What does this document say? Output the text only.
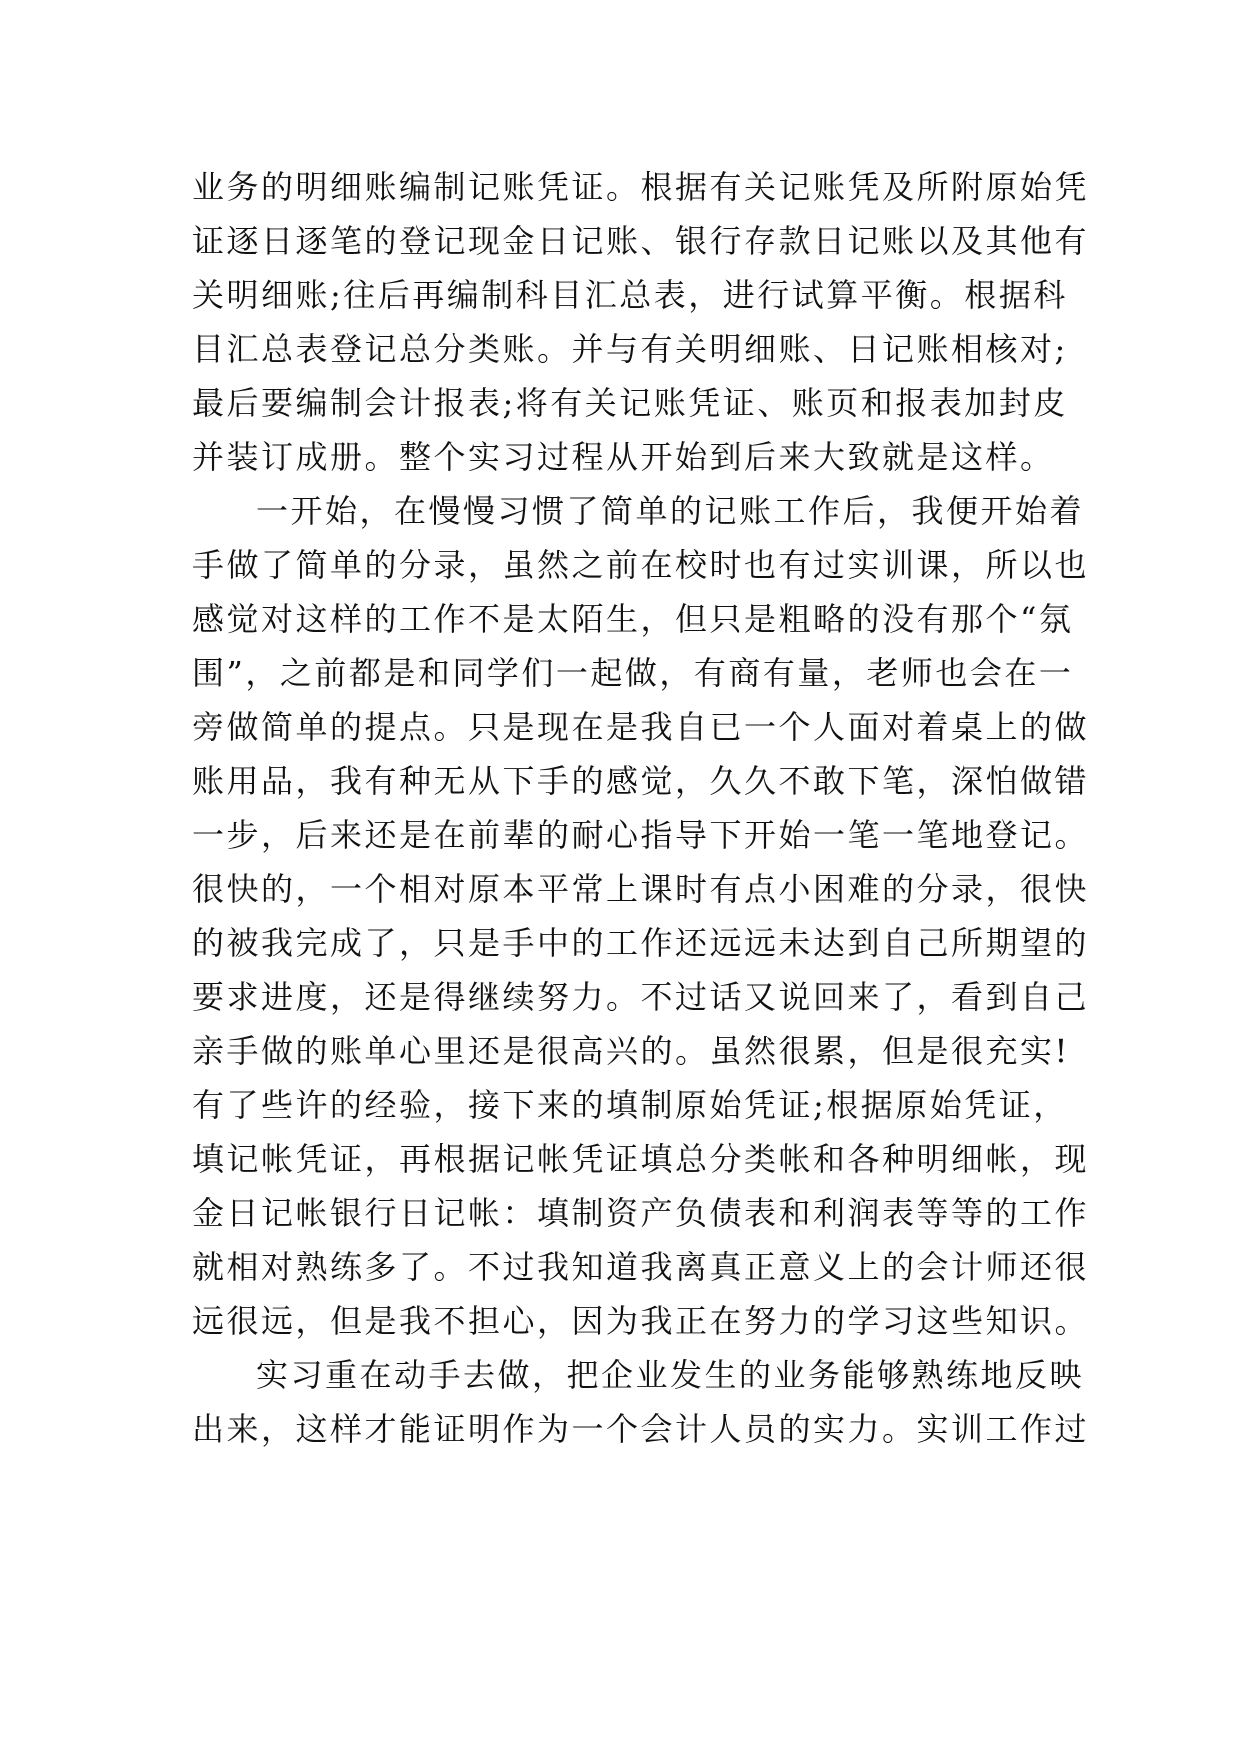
业务的明细账编制记账凭证。根据有关记账凭及所附原始凭
证逐日逐笔的登记现金日记账、银行存款日记账以及其他有
关明细账;往后再编制科目汇总表，进行试算平衡。根据科
目汇总表登记总分类账。并与有关明细账、日记账相核对;
最后要编制会计报表;将有关记账凭证、账页和报表加封皮
并装订成册。整个实习过程从开始到后来大致就是这样。
一开始，在慢慢习惯了简单的记账工作后，我便开始着
手做了简单的分录，虽然之前在校时也有过实训课，所以也
感觉对这样的工作不是太陌生，但只是粗略的没有那个“氛
围”，之前都是和同学们一起做，有商有量，老师也会在一
旁做简单的提点。只是现在是我自已一个人面对着桌上的做
账用品，我有种无从下手的感觉，久久不敢下笔，深怕做错
一步，后来还是在前辈的耐心指导下开始一笔一笔地登记。
很快的，一个相对原本平常上课时有点小困难的分录，很快
的被我完成了，只是手中的工作还远远未达到自己所期望的
要求进度，还是得继续努力。不过话又说回来了，看到自己
亲手做的账单心里还是很高兴的。虽然很累，但是很充实!
有了些许的经验，接下来的填制原始凭证;根据原始凭证，
填记帐凭证，再根据记帐凭证填总分类帐和各种明细帐，现
金日记帐银行日记帐：填制资产负债表和利润表等等的工作
就相对熟练多了。不过我知道我离真正意义上的会计师还很
远很远，但是我不担心，因为我正在努力的学习这些知识。
实习重在动手去做，把企业发生的业务能够熟练地反映
出来，这样才能证明作为一个会计人员的实力。实训工作过
